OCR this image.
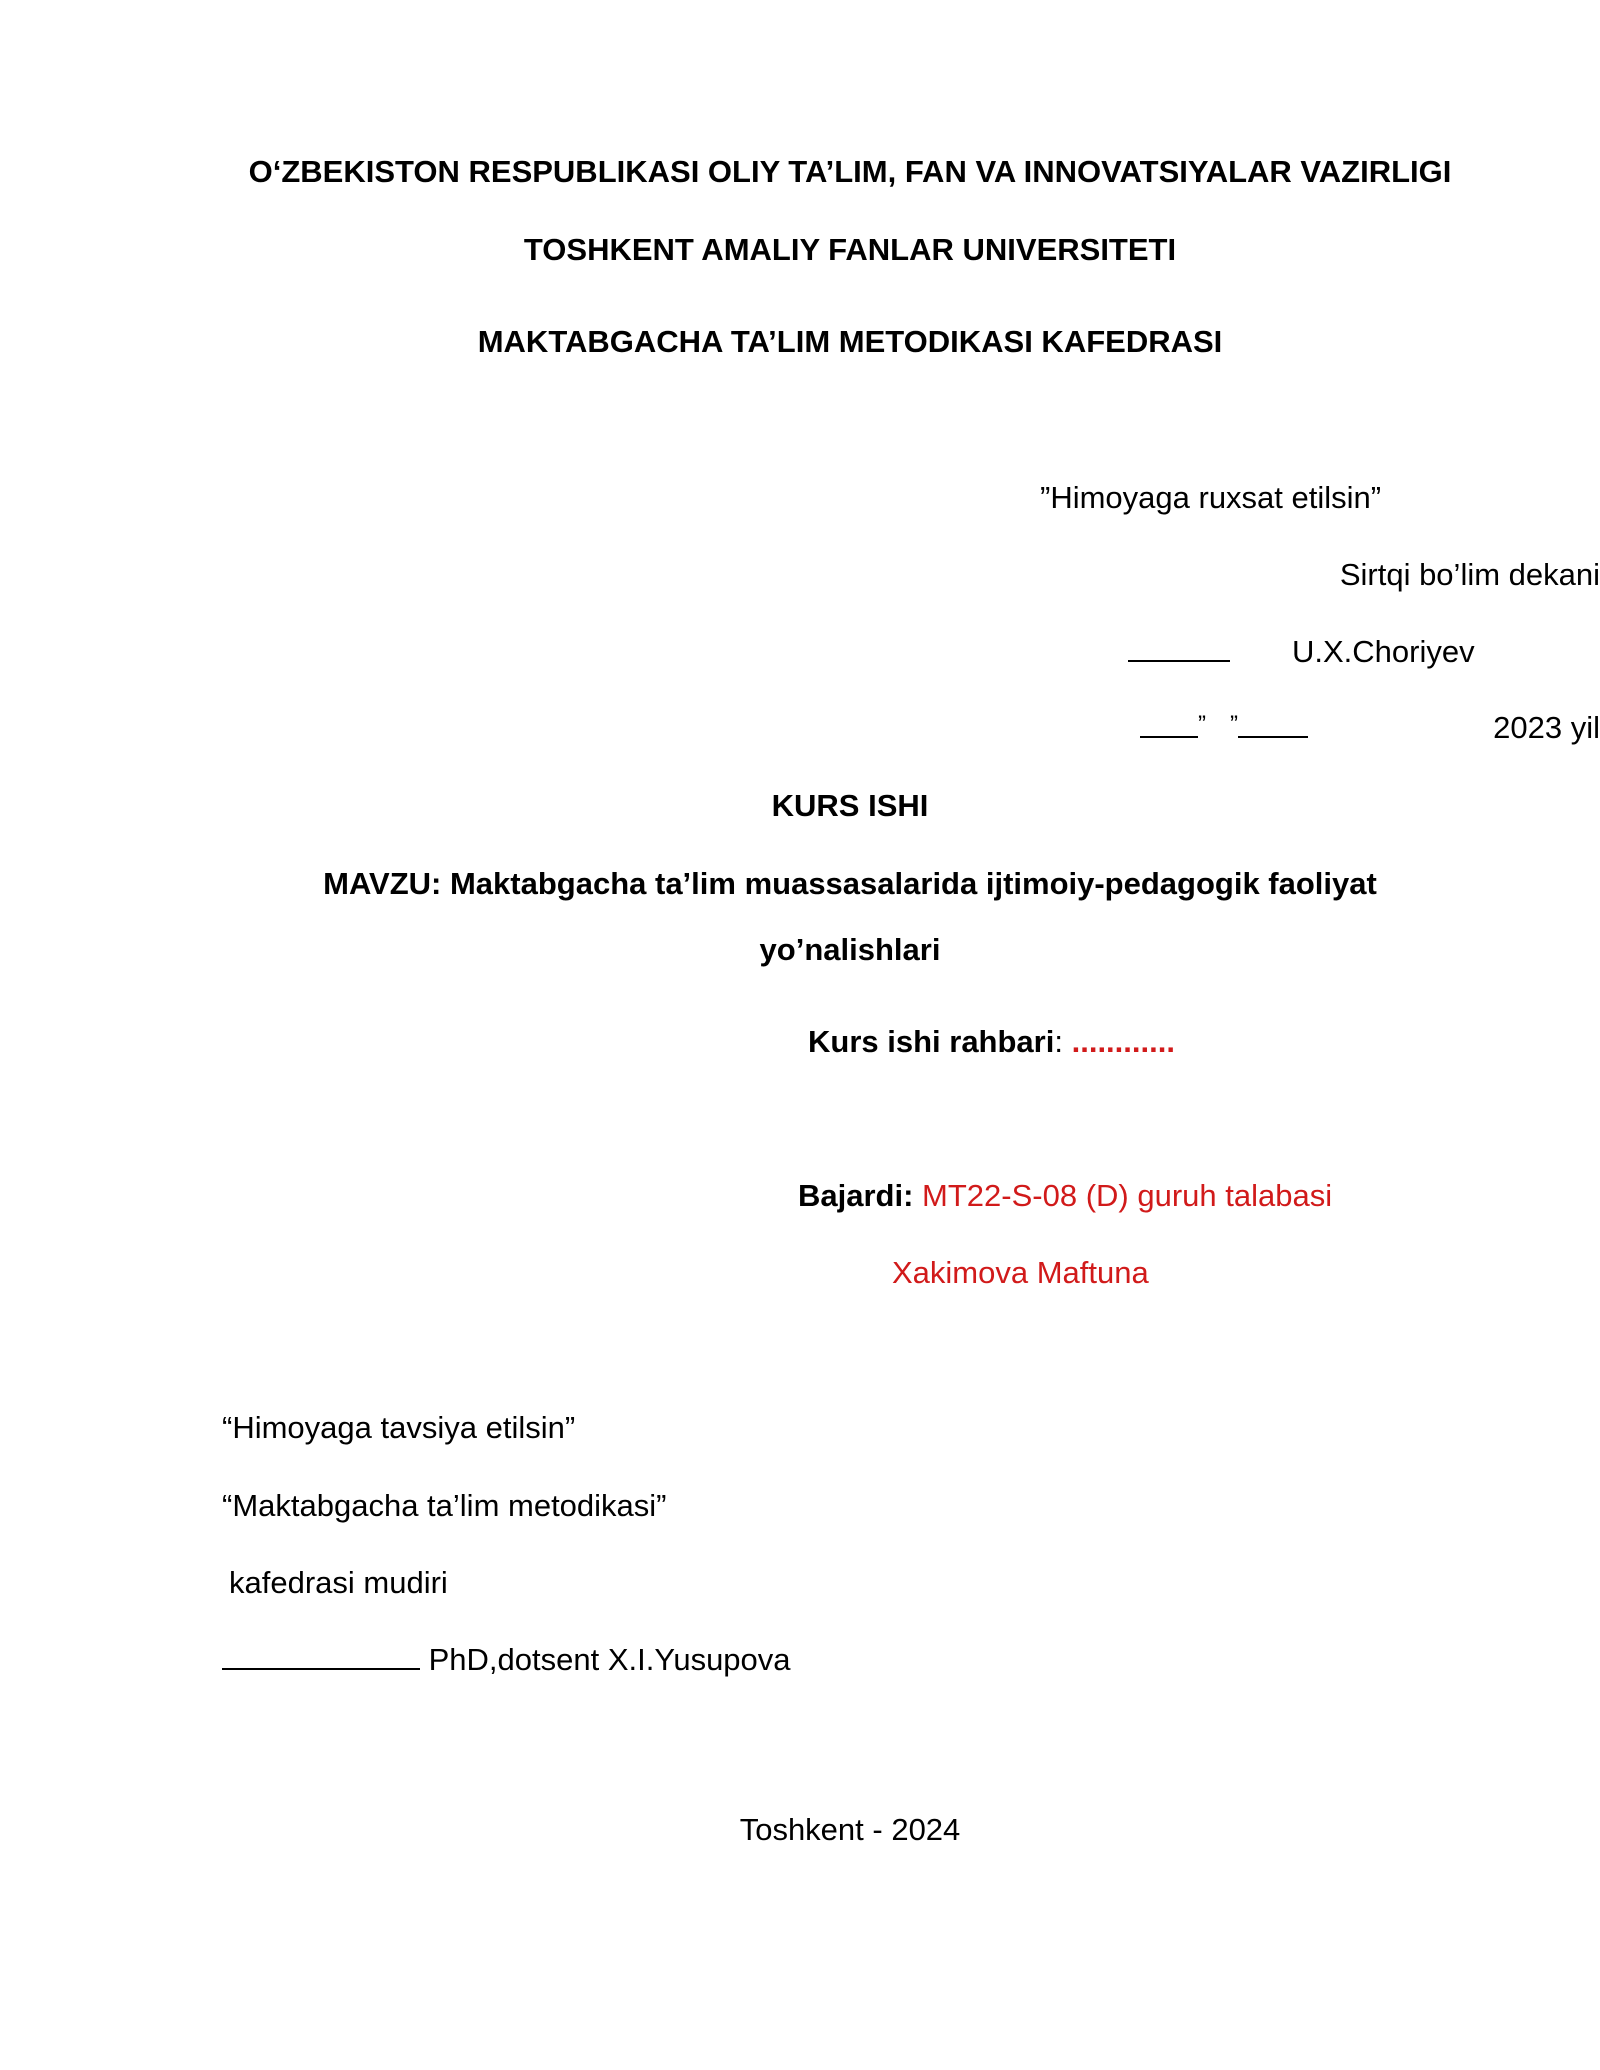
O‘ZBEKISTON RESPUBLIKASI OLIY TA’LIM, FAN VA INNOVATSIYALAR VAZIRLIGI
TOSHKENT AMALIY FANLAR UNIVERSITETI
MAKTABGACHA TA’LIM METODIKASI KAFEDRASI
”Himoyaga ruxsat etilsin”
Sirtqi bo’lim dekani
U.X.Choriyev
” ”	2023 yil
KURS ISHI
MAVZU: Maktabgacha ta’lim muassasalarida ijtimoiy-pedagogik faoliyat
yo’nalishlari
Kurs ishi rahbari: ............
Bajardi: MT22-S-08 (D) guruh talabasi
Xakimova Maftuna
“Himoyaga tavsiya etilsin”
“Maktabgacha ta’lim metodikasi”
kafedrasi mudiri
PhD,dotsent X.I.Yusupova
Toshkent - 2024
